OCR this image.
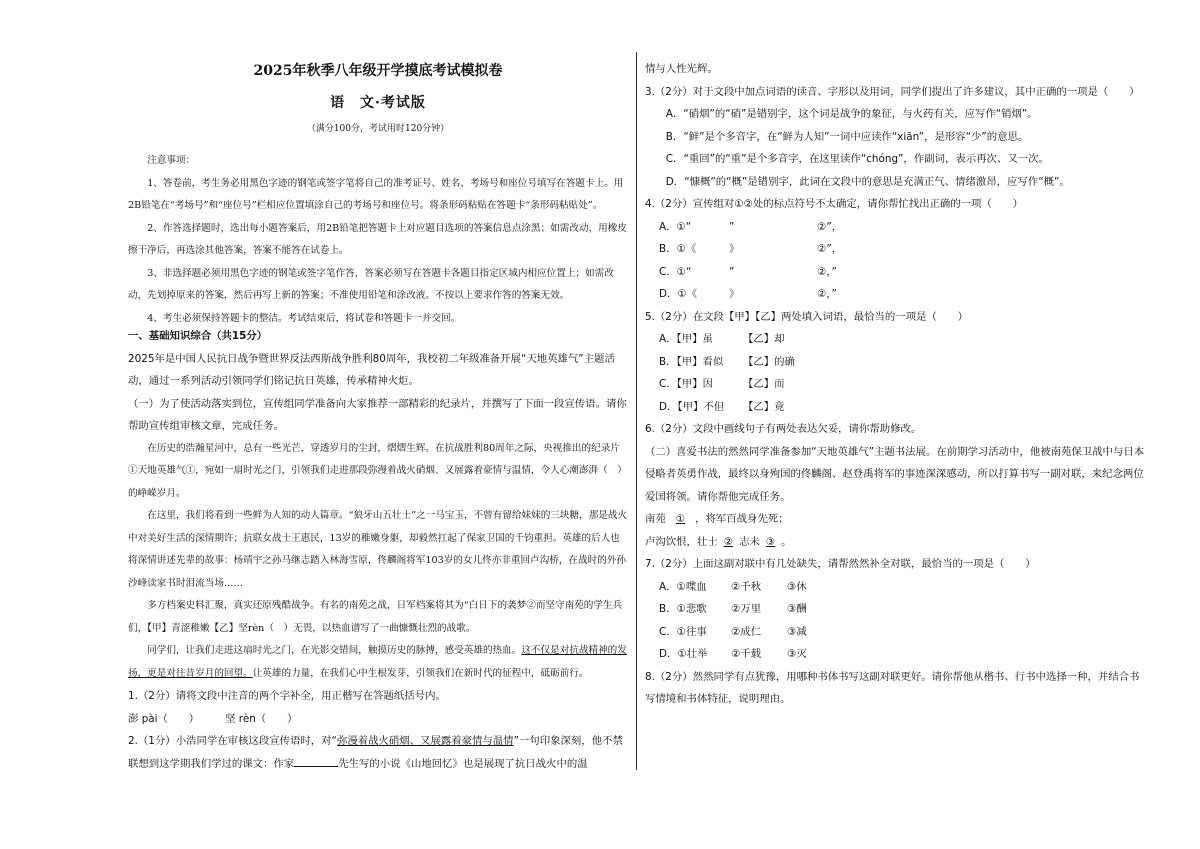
2025年秋季八年级开学摸底考试模拟卷
语　文·考试版
（满分100分，考试用时120分钟）

注意事项：

1、答卷前，考生务必用黑色字迹的钢笔或签字笔将自己的准考证号、姓名、考场号和座位号填写在答题卡上。用2B铅笔在“考场号”和“座位号”栏相应位置填涂自己的考场号和座位号。将条形码粘贴在答题卡“条形码粘贴处”。

2、作答选择题时，选出每小题答案后，用2B铅笔把答题卡上对应题目选项的答案信息点涂黑；如需改动，用橡皮擦干净后，再选涂其他答案，答案不能答在试卷上。

3、非选择题必须用黑色字迹的钢笔或签字笔作答，答案必须写在答题卡各题目指定区域内相应位置上；如需改动，先划掉原来的答案，然后再写上新的答案；不准使用铅笔和涂改液。不按以上要求作答的答案无效。

4、考生必须保持答题卡的整洁。考试结束后，将试卷和答题卡一并交回。

一、基础知识综合（共15分）

2025年是中国人民抗日战争暨世界反法西斯战争胜利80周年，我校初二年级准备开展“天地英雄气”主题活动，通过一系列活动引领同学们铭记抗日英雄，传承精神火炬。

（一）为了使活动落实到位，宣传组同学准备向大家推荐一部精彩的纪录片，并撰写了下面一段宣传语。请你帮助宣传组审核文章，完成任务。

在历史的浩瀚星河中，总有一些光芒，穿透岁月的尘封，熠熠生辉。在抗战胜利80周年之际，央视推出的纪录片①天地英雄气①，宛如一扇时光之门，引领我们走进那段弥漫着战火硝烟、又展露着豪情与温情，令人心潮澎湃（　）的峥嵘岁月。

在这里，我们将看到一些鲜为人知的动人篇章。“狼牙山五壮士”之一马宝玉，不曾有留给妹妹的三块糖，那是战火中对美好生活的深情期许；抗联女战士王惠民，13岁的稚嫩身躯，却毅然扛起了保家卫国的千钧重担。英雄的后人也将深情讲述先辈的故事：杨靖宇之孙马继志踏入林海雪原，佟麟阁将军103岁的女儿佟亦非重回卢沟桥，在战时的外孙沙峰读家书时泪流当场……

多方档案史料汇聚，真实还原残酷战争。有名的南苑之战，日军档案将其为“白日下的袭梦②而坚守南苑的学生兵们，【甲】青涩稚嫩【乙】坚rèn（　）无畏，以热血谱写了一曲慷慨壮烈的战歌。

同学们，让我们走进这扇时光之门，在光影交错间，触摸历史的脉搏，感受英雄的热血。这不仅是对抗战精神的发扬，更是对往昔岁月的回望。让英雄的力量，在我们心中生根发芽，引领我们在新时代的征程中，砥砺前行。

1.（2分）请将文段中注音的两个字补全，用正楷写在答题纸括号内。

澎 pài（　　）　　　坚 rèn（　　）

2.（1分）小浩同学在审核这段宣传语时，对“弥漫着战火硝烟、又展露着豪情与温情”一句印象深刻，他不禁联想到这学期我们学过的课文：作家	先生写的小说《山地回忆》也是展现了抗日战火中的温

情与人性光辉。

3.（2分）对于文段中加点词语的读音、字形以及用词，同学们提出了许多建议，其中正确的一项是（　　）

A．“硝烟”的“硝”是错别字，这个词是战争的象征，与火药有关，应写作“销烟”。

B．“鲜”是个多音字，在“鲜为人知”一词中应读作“xiān”，是形容“少”的意思。

C．“重回”的“重”是个多音字，在这里读作“chóng”，作副词，表示再次、又一次。

D．“慷概”的“概”是错别字，此词在文段中的意思是充满正气、情绪激昂，应写作“概”。

4.（2分）宣传组对①②处的标点符号不太确定，请你帮忙找出正确的一项（　　）

A．①“	”	②”，
B．①《	》	②”，
C．①“	”	②，”
D．①《	》	②，”

5.（2分）在文段【甲】【乙】两处填入词语，最恰当的一项是（　　）

A．【甲】虽	【乙】却
B．【甲】看似	【乙】的确
C．【甲】因	【乙】而
D．【甲】不但	【乙】竟

6.（2分）文段中画线句子有两处表达欠妥，请你帮助修改。

（二）喜爱书法的然然同学准备参加“天地英雄气”主题书法展。在前期学习活动中，他被南苑保卫战中与日本侵略者英勇作战，最终以身殉国的佟麟阁、赵登禹将军的事迹深深感动，所以打算书写一副对联，来纪念两位爱国将领。请你帮他完成任务。

南苑 ① ，将军百战身先死；

卢沟饮恨，壮士 ② 志未 ③ 。

7.（2分）上面这副对联中有几处缺失，请帮然然补全对联，最恰当的一项是（　　）

A．①喋血	②千秋	③休
B．①悲歌	②万里	③酬
C．①往事	②成仁	③减
D．①壮举	②千载	③灭

8.（2分）然然同学有点犹豫，用哪种书体书写这副对联更好。请你帮他从楷书、行书中选择一种，并结合书写情境和书体特征，说明理由。
